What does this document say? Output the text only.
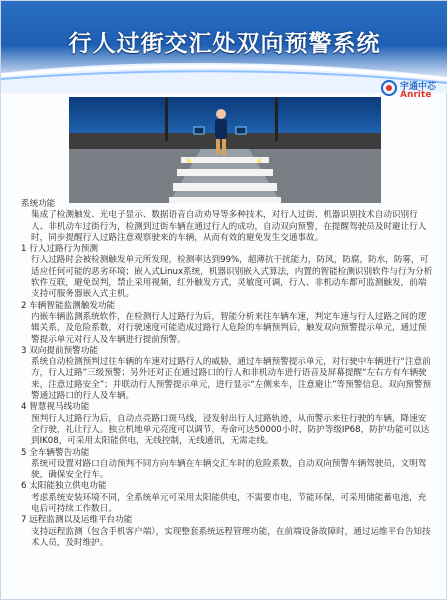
行人过街交汇处双向预警系统
宇通中芯
Anrite

系统功能

集成了检测触发、光电子显示、数据语音自动劝导等多种技术，对行人过街、机器识别技术自动识别行人、非机动车过街行为，检测到过街车辆在通过行人的成功，自动双向预警，在提醒驾驶员及时避让行人时，同步提醒行人过路注意观察驶来的车辆，从而有效的避免发生交通事故。

1 行人过路行为预测

行人过路时会被检测触发单元所发现，检测率达到99%，超薄抗干扰能力，防风，防腐，防水，防雾，可适应任何可能的恶劣环境；嵌入式Linux系统，机器识别嵌入式算法，内置的智能检测识别软件与行为分析软件互联，避免误判，禁止采用视频，红外触发方式，灵敏度可调，行人、非机动车都可监测触发，前端支持可服务器嵌入式主机。

2 车辆智能监测触发功能

内嵌车辆监测系统软件，在检测行人过路行为后，智能分析来往车辆车速，判定车速与行人过路之间的逻辑关系，及危险系数，对行驶速度可能造成过路行人危险的车辆预判后，触发双向预警提示单元，通过预警提示单元对行人及车辆进行提前预警。

3 双向提前预警功能

系统自动检测预判过往车辆的车速对过路行人的威胁，通过车辆预警提示单元，对行驶中车辆进行“注意前方，行人过路”三级预警；另外还对正在通过路口的行人和非机动车进行语音及屏幕提醒“左右方有车辆驶来，注意过路安全”；并联动行人预警提示单元，进行显示“左侧来车，注意避让”等预警信息。双向预警预警通过路口的行人及车辆。

4 智慧视马线功能

预判行人过路行为后，自动点亮路口斑马线，浸发射出行人过路轨迹，从而警示来往行驶的车辆，降速安全行驶，礼让行人。独立机地单元亮度可以调节，寿命可达50000小时，防护等级IP68，防护功能可以达到IK08，可采用太阳能供电，无线控制，无线通讯，无需走线。

5 全车辆警告功能

系统可设置对路口自动预判不同方向车辆在车辆交汇车时的危险系数，自动双向预警车辆驾驶员，文明驾驶，确保安全行车。

6 太阳能独立供电功能

考虑系统安装环境不同，全系统单元可采用太阳能供电，不需要市电，节能环保，可采用储能蓄电池，充电后可持续工作数日。

7 远程监测以及运维平台功能

支持远程监测（包含手机客户端），实现整套系统远程管理功能，在前端设备故障时，通过运维平台告知技术人员，及时维护。
